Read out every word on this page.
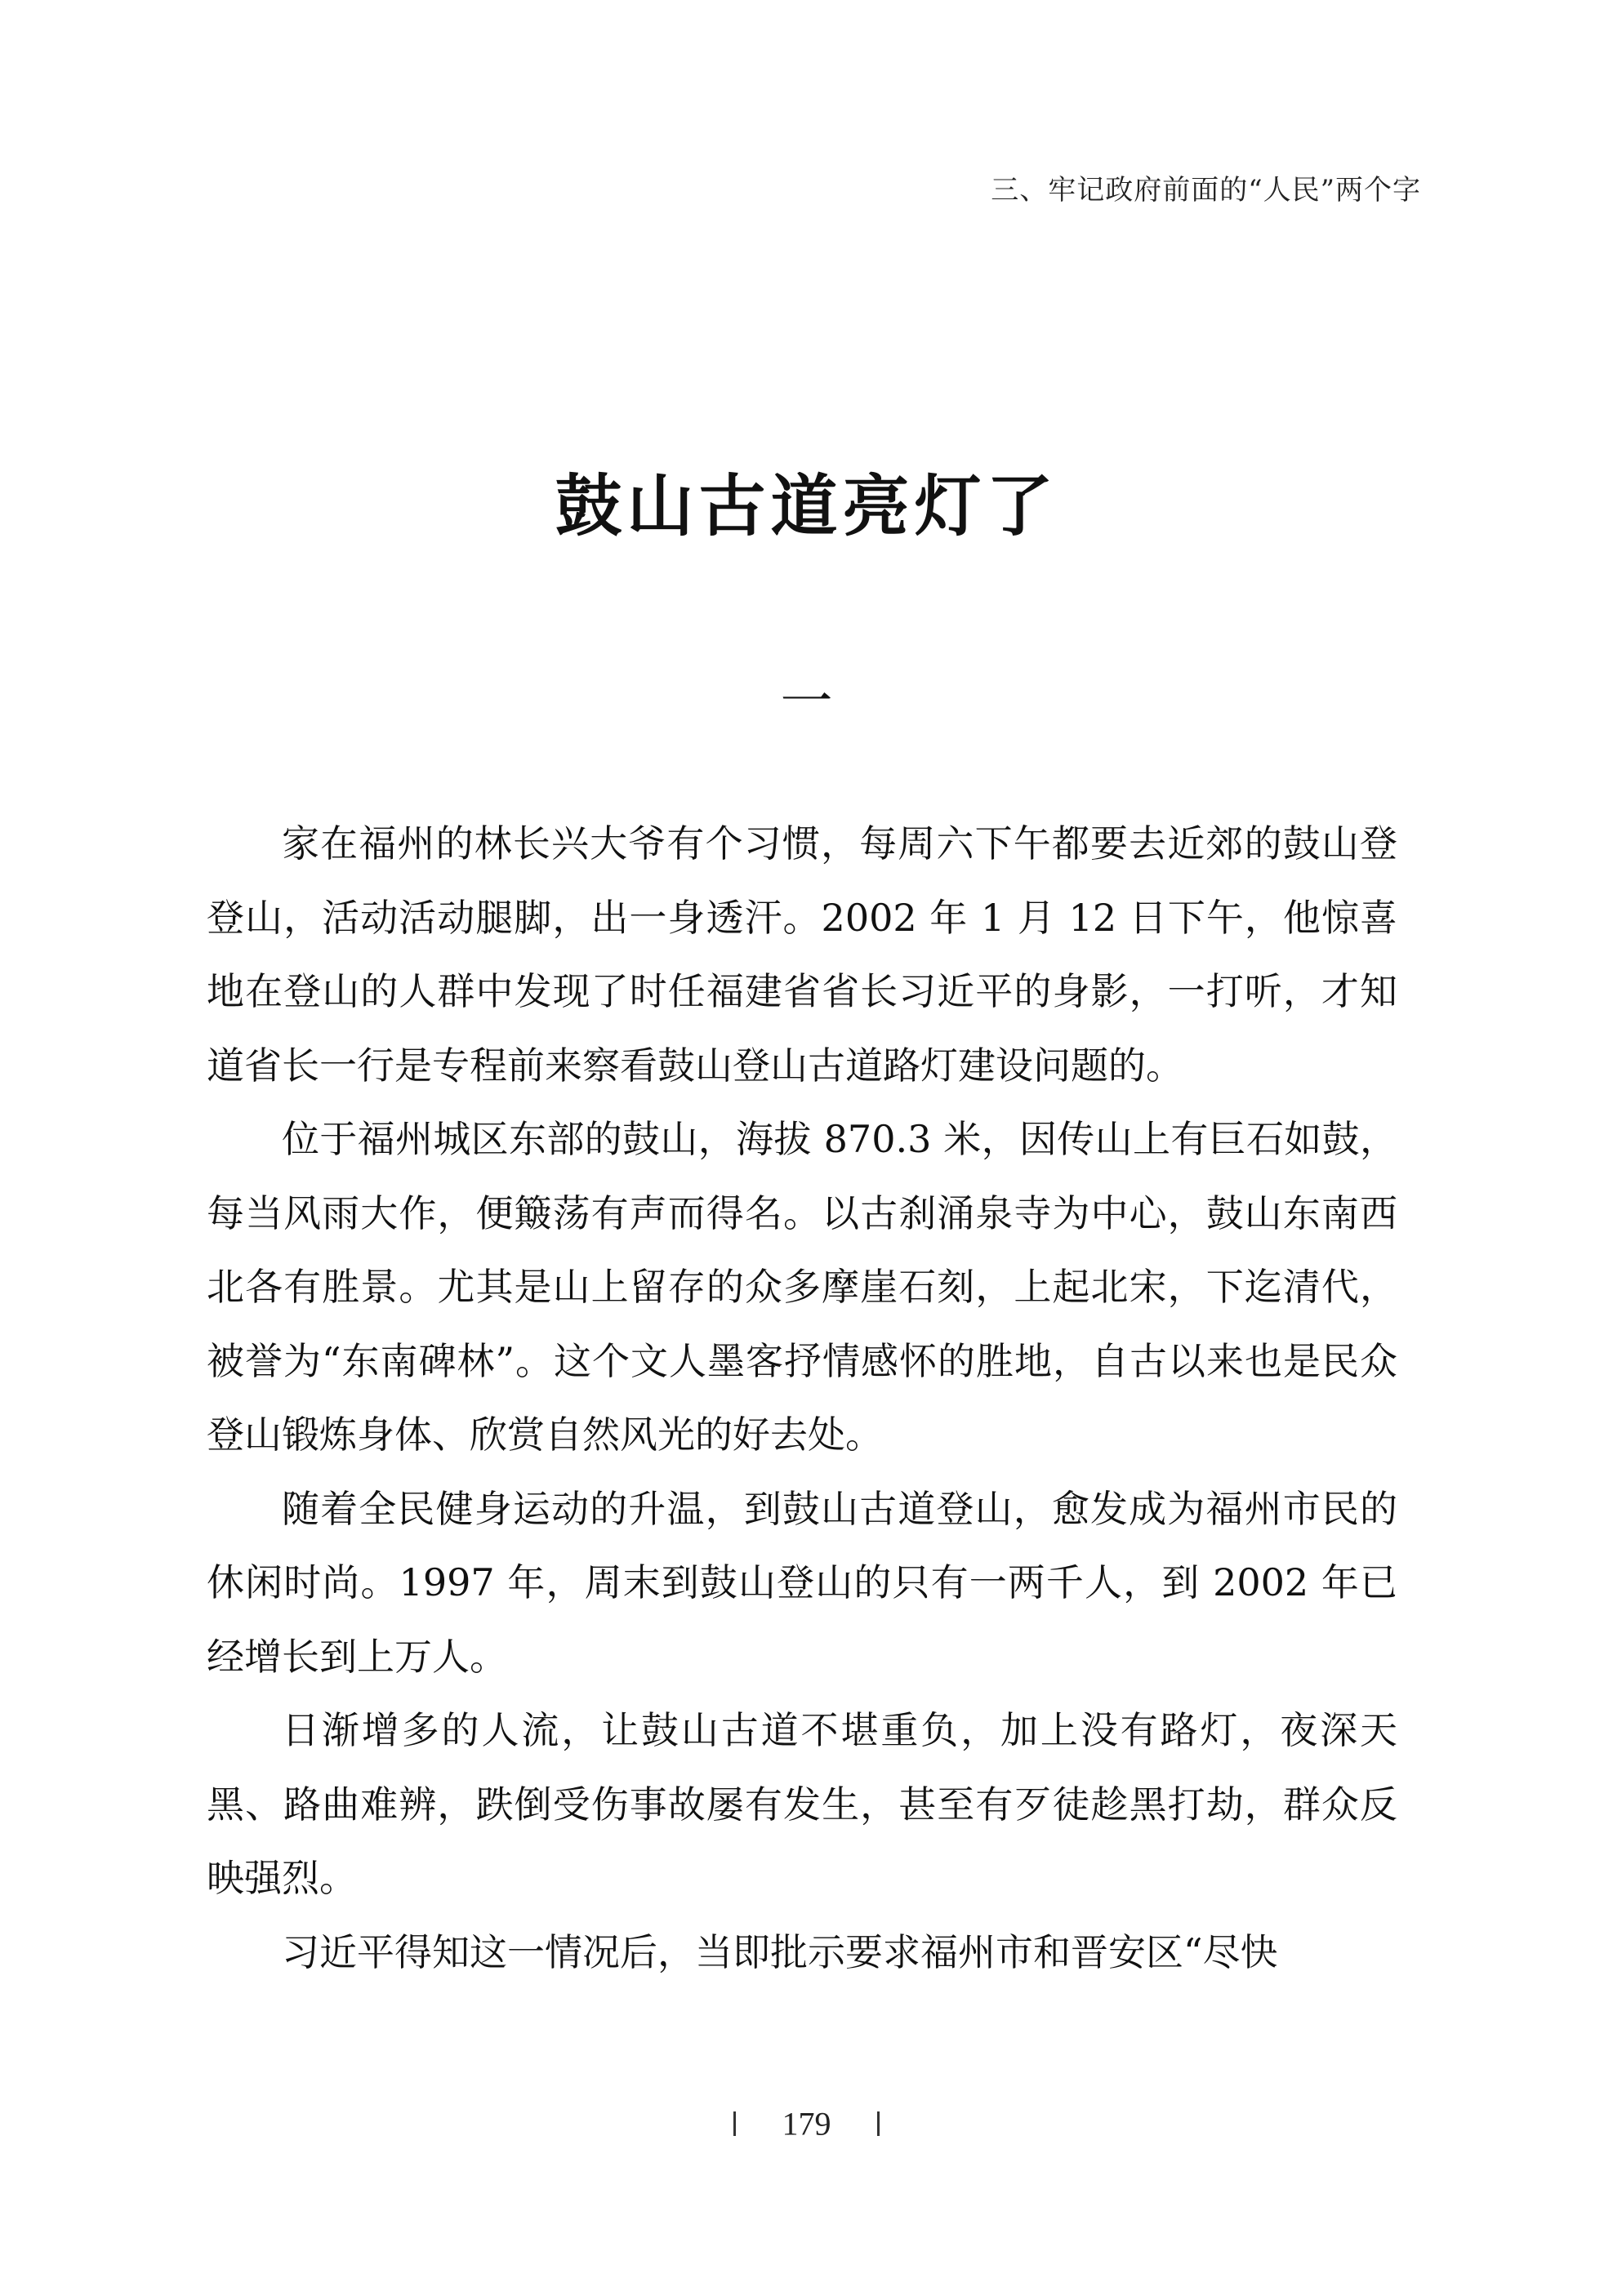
三、牢记政府前面的“人民”两个字
鼓山古道亮灯了
一

家在福州的林长兴大爷有个习惯，每周六下午都要去近郊的鼓山登登山，活动活动腿脚，出一身透汗。2002 年 1 月 12 日下午，他惊喜地在登山的人群中发现了时任福建省省长习近平的身影，一打听，才知道省长一行是专程前来察看鼓山登山古道路灯建设问题的。

位于福州城区东部的鼓山，海拔 870.3 米，因传山上有巨石如鼓，每当风雨大作，便簸荡有声而得名。以古刹涌泉寺为中心，鼓山东南西北各有胜景。尤其是山上留存的众多摩崖石刻，上起北宋，下迄清代，被誉为“东南碑林”。这个文人墨客抒情感怀的胜地，自古以来也是民众登山锻炼身体、欣赏自然风光的好去处。

随着全民健身运动的升温，到鼓山古道登山，愈发成为福州市民的休闲时尚。1997 年，周末到鼓山登山的只有一两千人，到 2002 年已经增长到上万人。

日渐增多的人流，让鼓山古道不堪重负，加上没有路灯，夜深天黑、路曲难辨，跌倒受伤事故屡有发生，甚至有歹徒趁黑打劫，群众反映强烈。

习近平得知这一情况后，当即批示要求福州市和晋安区“尽快

179
